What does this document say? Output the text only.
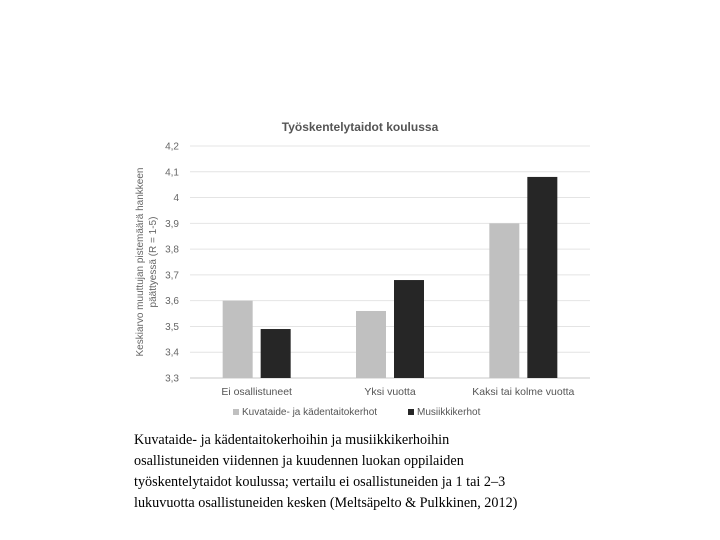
Työskentelytaidot koulussa
Keskiarvo muuttujan pistemäärä hankkeen päättyessä (R = 1-5)
3,3
3,4
3,5
3,6
3,7
3,8
3,9
4
4,1
4,2
Ei osallistuneet	Yksi vuotta	Kaksi tai kolme vuotta
Kuvataide- ja kädentaitokerhot	Musiikkikerhot
Kuvataide- ja kädentaitokerhoihin ja musiikkikerhoihin
osallistuneiden viidennen ja kuudennen luokan oppilaiden
työskentelytaidot koulussa; vertailu ei osallistuneiden ja 1 tai 2–3
lukuvuotta osallistuneiden kesken (Meltsäpelto & Pulkkinen, 2012)
